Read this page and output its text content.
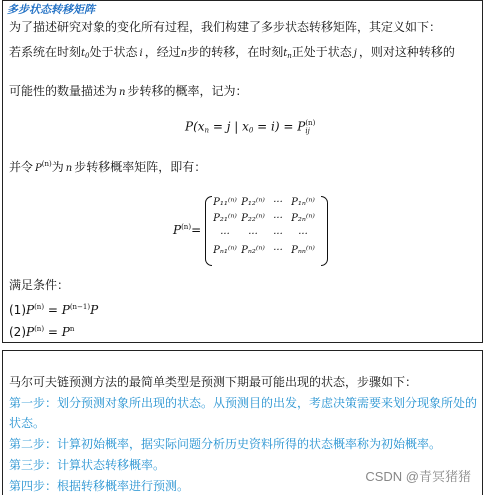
多步状态转移矩阵
为了描述研究对象的变化所有过程，我们构建了多步状态转移矩阵，其定义如下：
若系统在时刻$t_0$处于状态 i ，经过n步的转移，在时刻$t_n$正处于状态 j ，则对这种转移的
可能性的数量描述为 n 步转移的概率，记为：
$P(x_n = j$ | $x_0 = i) = P$ (n)
ij
并令 $P^{(n)}$为 n 步转移概率矩阵，即有：
$P^{(n)}=$
P₁₁⁽ⁿ⁾ P₁₂⁽ⁿ⁾ ··· P₁ₙ⁽ⁿ⁾
P₂₁⁽ⁿ⁾ P₂₂⁽ⁿ⁾ ··· P₂ₙ⁽ⁿ⁾
···	···	···	···
Pₙ₁⁽ⁿ⁾ Pₙ₂⁽ⁿ⁾ ··· Pₙₙ⁽ⁿ⁾
满足条件：
$(1)P^{(n)} = P^{(n-1)}P$
$(2)P^{(n)} = P^n$
马尔可夫链预测方法的最简单类型是预测下期最可能出现的状态，步骤如下：
第一步：划分预测对象所出现的状态。从预测目的出发，考虑决策需要来划分现象所处的
状态。
第二步：计算初始概率，据实际问题分析历史资料所得的状态概率称为初始概率。
第三步：计算状态转移概率。
第四步：根据转移概率进行预测。
CSDN @青冥猪猪
